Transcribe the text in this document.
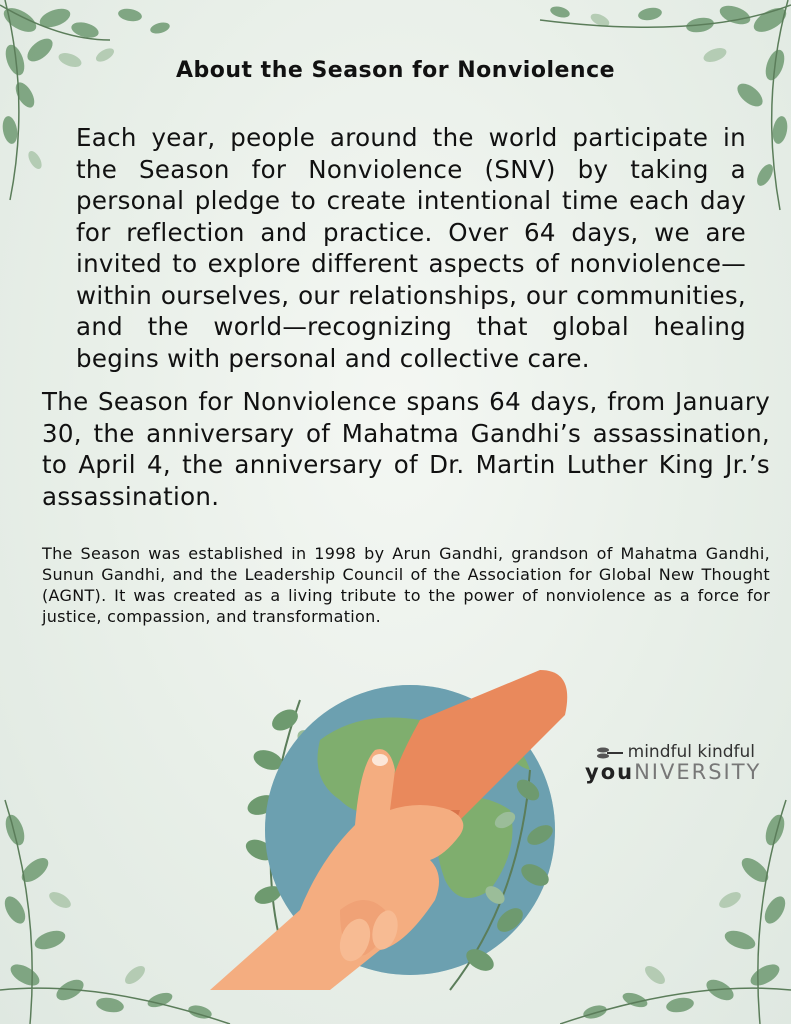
About the Season for Nonviolence
Each year, people around the world participate in the Season for Nonviolence (SNV) by taking a personal pledge to create intentional time each day for reflection and practice. Over 64 days, we are invited to explore different aspects of nonviolence—within ourselves, our relationships, our communities, and the world—recognizing that global healing begins with personal and collective care.
The Season for Nonviolence spans 64 days, from January 30, the anniversary of Mahatma Gandhi’s assassination, to April 4, the anniversary of Dr. Martin Luther King Jr.’s assassination.
The Season was established in 1998 by Arun Gandhi, grandson of Mahatma Gandhi, Sunun Gandhi, and the Leadership Council of the Association for Global New Thought (AGNT). It was created as a living tribute to the power of nonviolence as a force for justice, compassion, and transformation.
mindful kindful
youNIVERSITY
